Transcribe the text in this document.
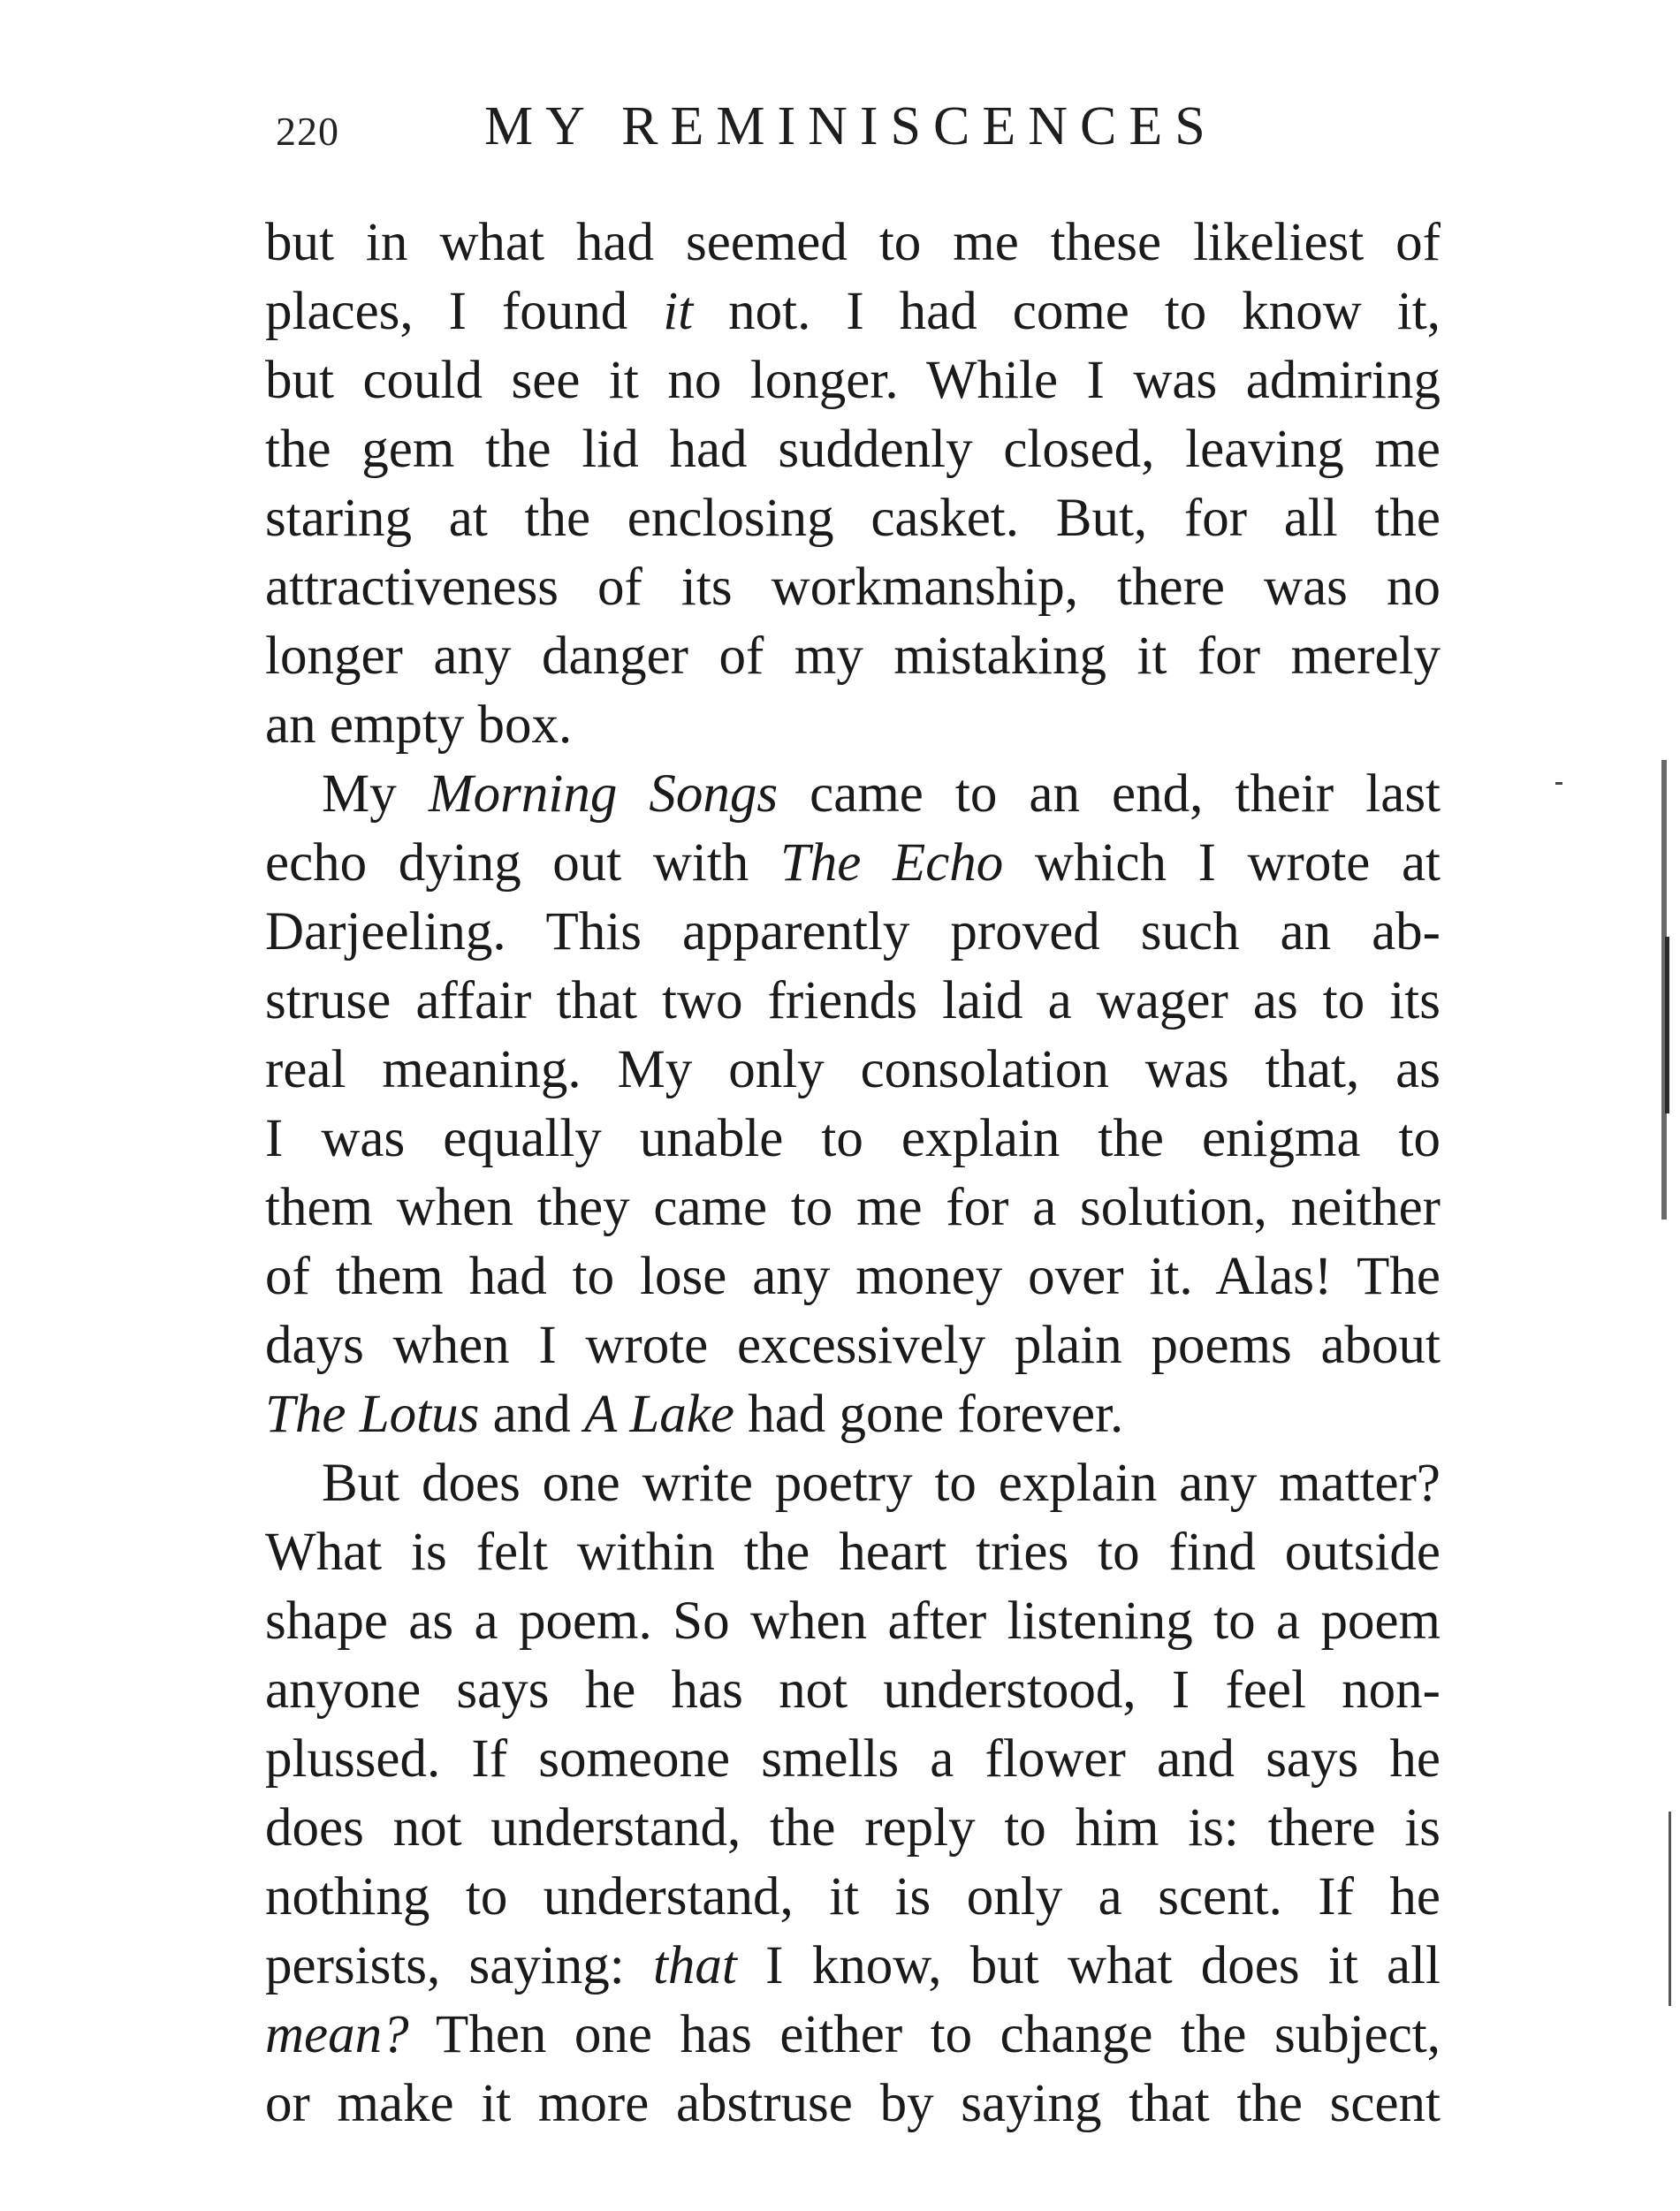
220	MY REMINISCENCES
but in what had seemed to me these likeliest of
places, I found it not. I had come to know it,
but could see it no longer. While I was admiring
the gem the lid had suddenly closed, leaving me
staring at the enclosing casket. But, for all the
attractiveness of its workmanship, there was no
longer any danger of my mistaking it for merely
an empty box.
My Morning Songs came to an end, their last
echo dying out with The Echo which I wrote at
Darjeeling. This apparently proved such an ab-
struse affair that two friends laid a wager as to its
real meaning. My only consolation was that, as
I was equally unable to explain the enigma to
them when they came to me for a solution, neither
of them had to lose any money over it. Alas! The
days when I wrote excessively plain poems about
The Lotus and A Lake had gone forever.
But does one write poetry to explain any matter?
What is felt within the heart tries to find outside
shape as a poem. So when after listening to a poem
anyone says he has not understood, I feel non-
plussed. If someone smells a flower and says he
does not understand, the reply to him is: there is
nothing to understand, it is only a scent. If he
persists, saying: that I know, but what does it all
mean? Then one has either to change the subject,
or make it more abstruse by saying that the scent
